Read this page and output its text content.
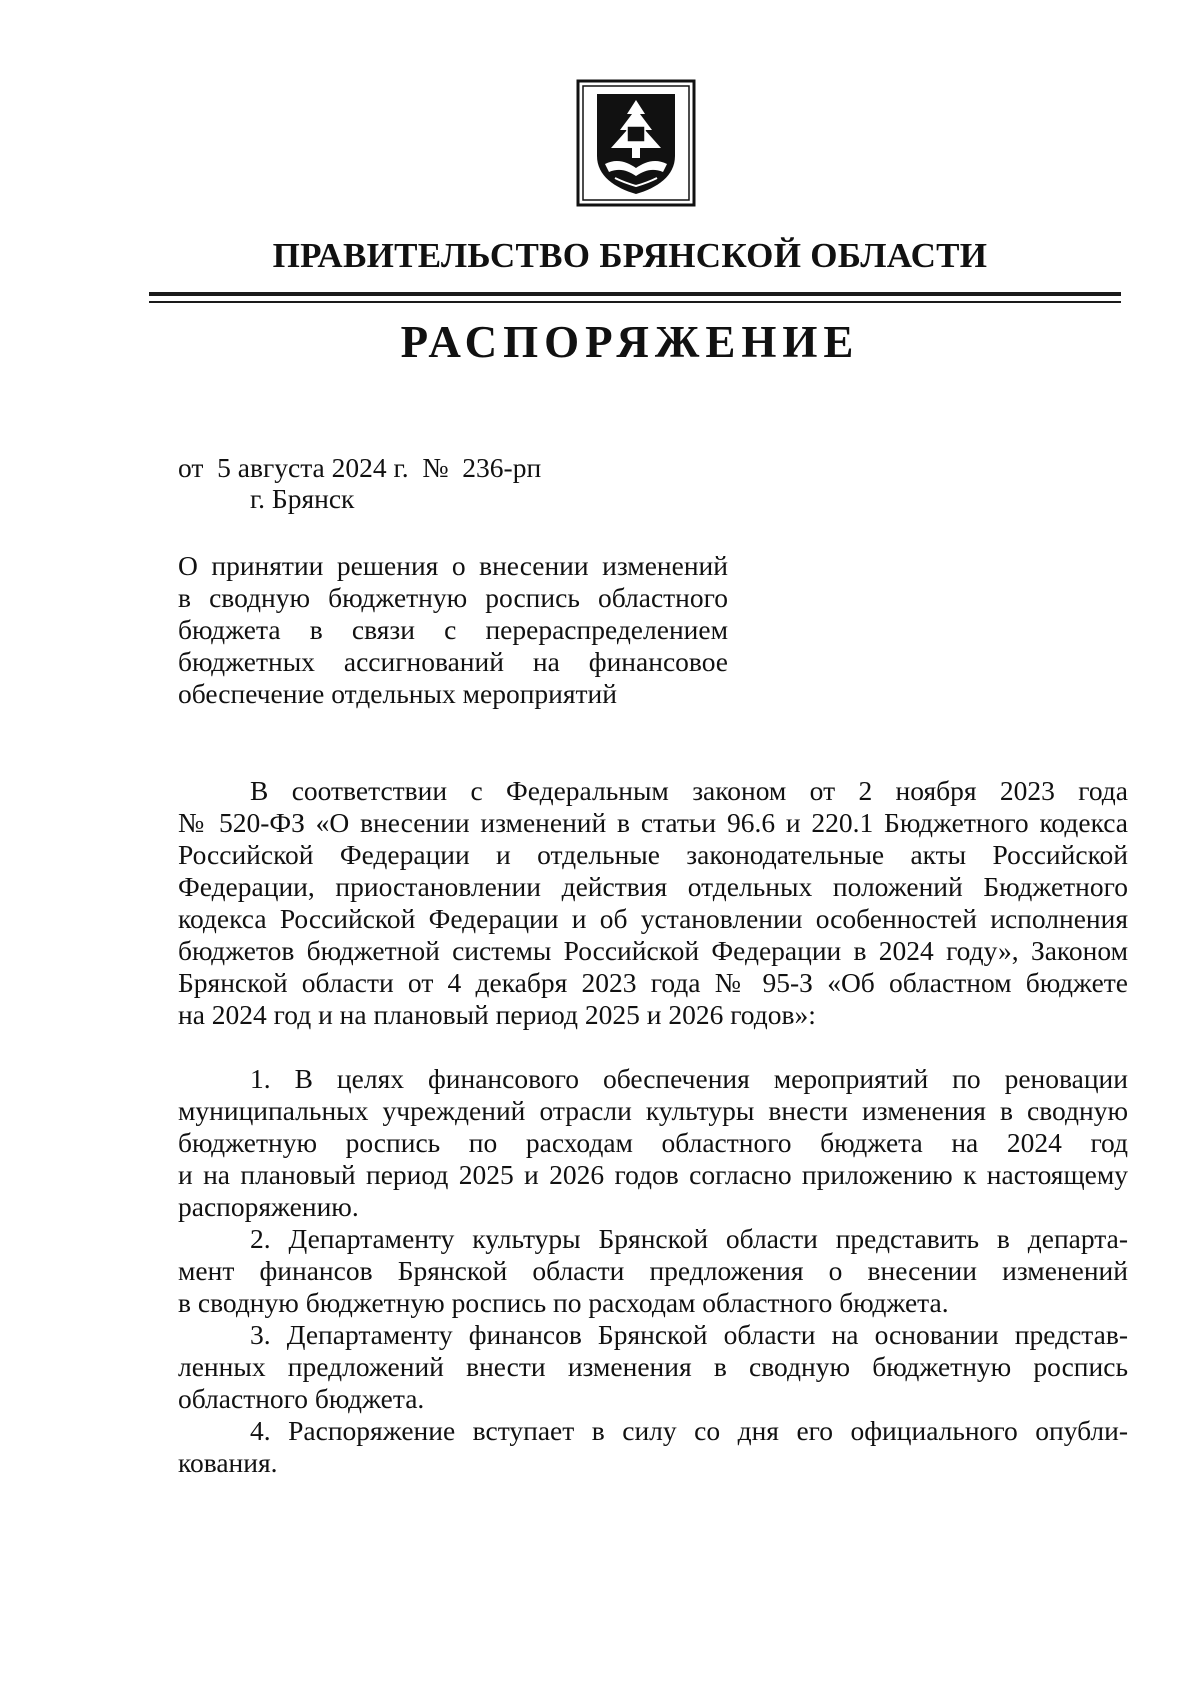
ПРАВИТЕЛЬСТВО БРЯНСКОЙ ОБЛАСТИ
РАСПОРЯЖЕНИЕ
от  5 августа 2024 г.  №  236-рп
г. Брянск
О принятии решения о внесении изменений
в сводную бюджетную роспись областного
бюджета в связи с перераспределением
бюджетных ассигнований на финансовое
обеспечение отдельных мероприятий
В соответствии с Федеральным законом от 2 ноября 2023 года
№ 520-ФЗ «О внесении изменений в статьи 96.6 и 220.1 Бюджетного кодекса
Российской Федерации и отдельные законодательные акты Российской
Федерации, приостановлении действия отдельных положений Бюджетного
кодекса Российской Федерации и об установлении особенностей исполнения
бюджетов бюджетной системы Российской Федерации в 2024 году», Законом
Брянской области от 4 декабря 2023 года № 95-З «Об областном бюджете
на 2024 год и на плановый период 2025 и 2026 годов»:
1. В целях финансового обеспечения мероприятий по реновации
муниципальных учреждений отрасли культуры внести изменения в сводную
бюджетную роспись по расходам областного бюджета на 2024 год
и на плановый период 2025 и 2026 годов согласно приложению к настоящему
распоряжению.
2. Департаменту культуры Брянской области представить в департа-
мент финансов Брянской области предложения о внесении изменений
в сводную бюджетную роспись по расходам областного бюджета.
3. Департаменту финансов Брянской области на основании представ-
ленных предложений внести изменения в сводную бюджетную роспись
областного бюджета.
4. Распоряжение вступает в силу со дня его официального опубли-
кования.
